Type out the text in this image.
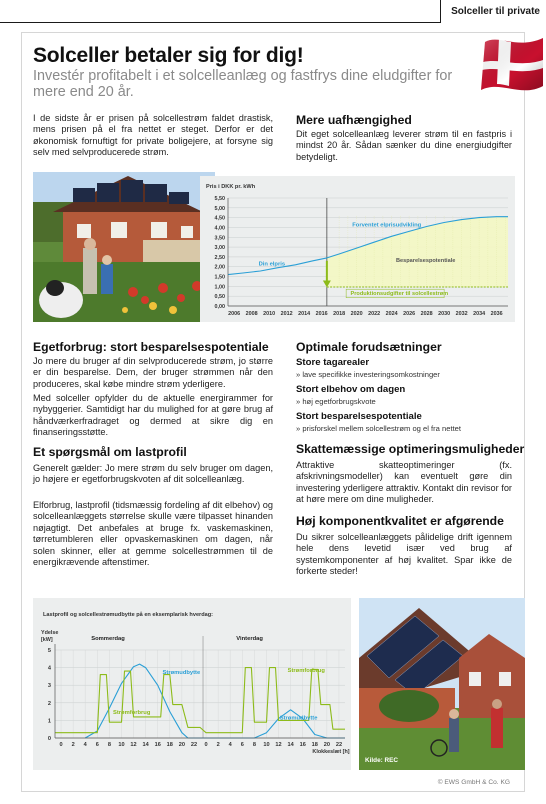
Solceller til privatе
Solceller betaler sig for dig!
Investér profitabelt i et solcelleanlæg og fastfrys dine eludgifter for mere end 20 år.
I de sidste år er prisen på solcellestrøm faldet drastisk, mens prisen på el fra nettet er steget. Derfor er det økonomisk fornuftigt for private boligejere, at forsyne sig selv med selvproducerede strøm.
Mere uafhængighed
Dit eget solcelleanlæg leverer strøm til en fastpris i mindst 20 år. Sådan sænker du dine energiudgifter betydeligt.
Pris i DKK pr. kWh
0,00
0,50
1,00
1,50
2,00
2,50
3,00
3,50
4,00
4,50
5,00
5,50
2006 2008 2010 2012 2014 2016 2018 2020 2022 2024 2026 2028 2030 2032 2034 2036
Din elpris
Forventet elprisudvikling
Besparelsespotentiale
Produktionsudgifter til solcellestrøm
Egetforbrug: stort besparelsespotentiale
Jo mere du bruger af din selvproducerede strøm, jo større er din besparelse. Dem, der bruger strømmen når den produceres, skal købe mindre strøm yderligere.
Med solceller opfylder du de aktuelle energirammer for nybyggerier. Samtidigt har du mulighed for at gøre brug af håndværkerfradraget og dermed at sikre dig en finanseringsstøtte.
Et spørgsmål om lastprofil
Generelt gælder: Jo mere strøm du selv bruger om dagen, jo højere er egetforbrugskvoten af dit solcelleanlæg.
Elforbrug, lastprofil (tidsmæssig fordeling af dit elbehov) og solcelleanlæggets størrelse skulle være tilpasset hinanden nøjagtigt. Det anbefales at bruge fx. vaskemaskinen, tørretumbleren eller opvaskemaskinen om dagen, når solen skinner, eller at gemme solcellestrømmen til de energikrævende aftenstimer.
Optimale forudsætninger
Store tagarealer
» lave specifikke investeringsomkostninger
Stort elbehov om dagen
» høj egetforbrugskvote
Stort besparelsespotentiale
» prisforskel mellem solcellestrøm og el fra nettet
Skattemæssige optimeringsmuligheder
Attraktive skatteoptimeringer (fx. afskrivningsmodeller) kan eventuelt gøre din investering yderligere attraktiv. Kontakt din revisor for at høre mere om dine muligheder.
Høj komponentkvalitet er afgørende
Du sikrer solcelleanlæggets pålidelige drift igennem hele dens levetid især ved brug af systemkomponenter af høj kvalitet. Spar ikke de forkerte steder!
Lastprofil og solcellestrømudbytte på en eksemplarisk hverdag:
Ydelse
[kW]
0
1
2
3
4
5
0 2 4 6 8 10 12 14 16 18 20 22 0 2 4 6 8 10 12 14 16 18 20 22
Klokkeslæt [h]
Sommerdag	Vinterdag
Strømudbytte
Strømforbrug
Strømforbrug
Strømudbytte
Kilde: REC
© EWS GmbH & Co. KG
